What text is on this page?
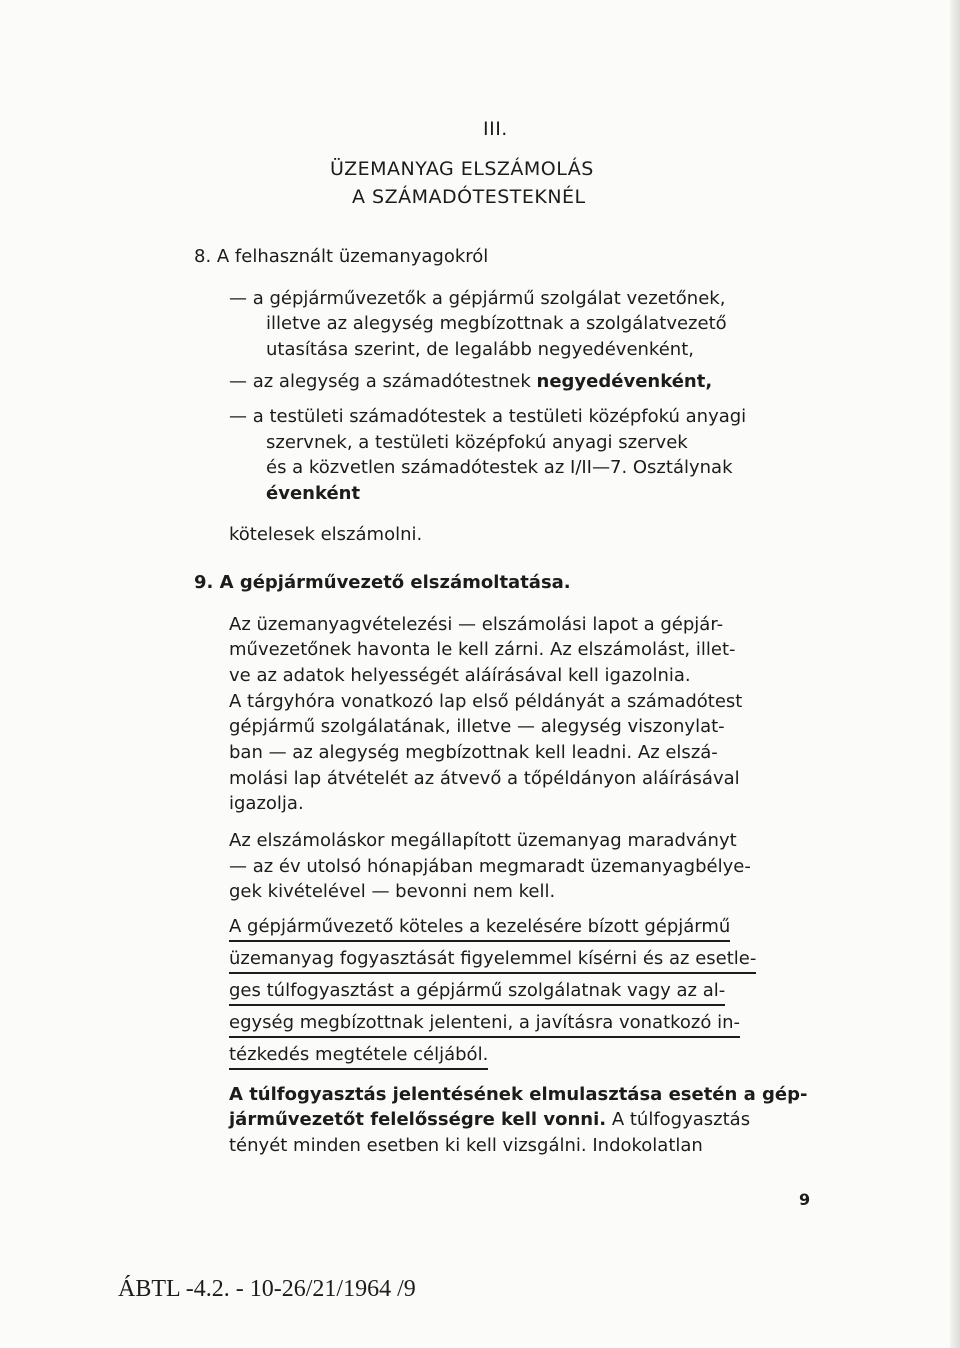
III.
ÜZEMANYAG ELSZÁMOLÁS
A SZÁMADÓTESTEKNÉL
8. A felhasznált üzemanyagokról
— a gépjárművezetők a gépjármű szolgálat vezetőnek,
illetve az alegység megbízottnak a szolgálatvezető
utasítása szerint, de legalább negyedévenként,
— az alegység a számadótestnek negyedévenként,
— a testületi számadótestek a testületi középfokú anyagi
szervnek, a testületi középfokú anyagi szervek
és a közvetlen számadótestek az I/II—7. Osztálynak
évenként
kötelesek elszámolni.
9. A gépjárművezető elszámoltatása.
Az üzemanyagvételezési — elszámolási lapot a gépjár-
művezetőnek havonta le kell zárni. Az elszámolást, illet-
ve az adatok helyességét aláírásával kell igazolnia.
A tárgyhóra vonatkozó lap első példányát a számadótest
gépjármű szolgálatának, illetve — alegység viszonylat-
ban — az alegység megbízottnak kell leadni. Az elszá-
molási lap átvételét az átvevő a tőpéldányon aláírásával
igazolja.
Az elszámoláskor megállapított üzemanyag maradványt
— az év utolsó hónapjában megmaradt üzemanyagbélye-
gek kivételével — bevonni nem kell.
A gépjárművezető köteles a kezelésére bízott gépjármű
üzemanyag fogyasztását figyelemmel kísérni és az esetle-
ges túlfogyasztást a gépjármű szolgálatnak vagy az al-
egység megbízottnak jelenteni, a javításra vonatkozó in-
tézkedés megtétele céljából.
A túlfogyasztás jelentésének elmulasztása esetén a gép-
járművezetőt felelősségre kell vonni. A túlfogyasztás
tényét minden esetben ki kell vizsgálni. Indokolatlan
9
ÁBTL -4.2. - 10-26/21/1964 /9
